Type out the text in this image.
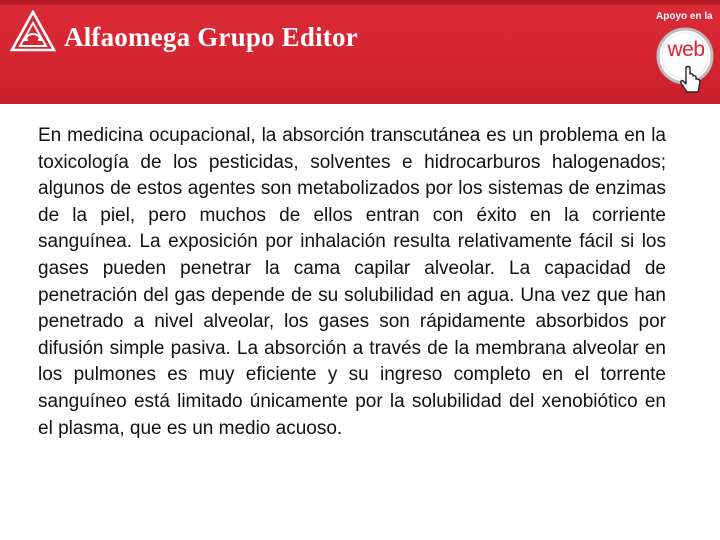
Alfaomega Grupo Editor
Apoyo en la
web

En medicina ocupacional, la absorción transcutánea es un problema en la toxicología de los pesticidas, solventes e hidrocarburos halogenados; algunos de estos agentes son metabolizados por los sistemas de enzimas de la piel, pero muchos de ellos entran con éxito en la corriente sanguínea. La exposición por inhalación resulta relativamente fácil si los gases pueden penetrar la cama capilar alveolar. La capacidad de penetración del gas depende de su solubilidad en agua. Una vez que han penetrado a nivel alveolar, los gases son rápidamente absorbidos por difusión simple pasiva. La absorción a través de la membrana alveolar en los pulmones es muy eficiente y su ingreso completo en el torrente sanguíneo está limitado únicamente por la solubilidad del xenobiótico en el plasma, que es un medio acuoso.
